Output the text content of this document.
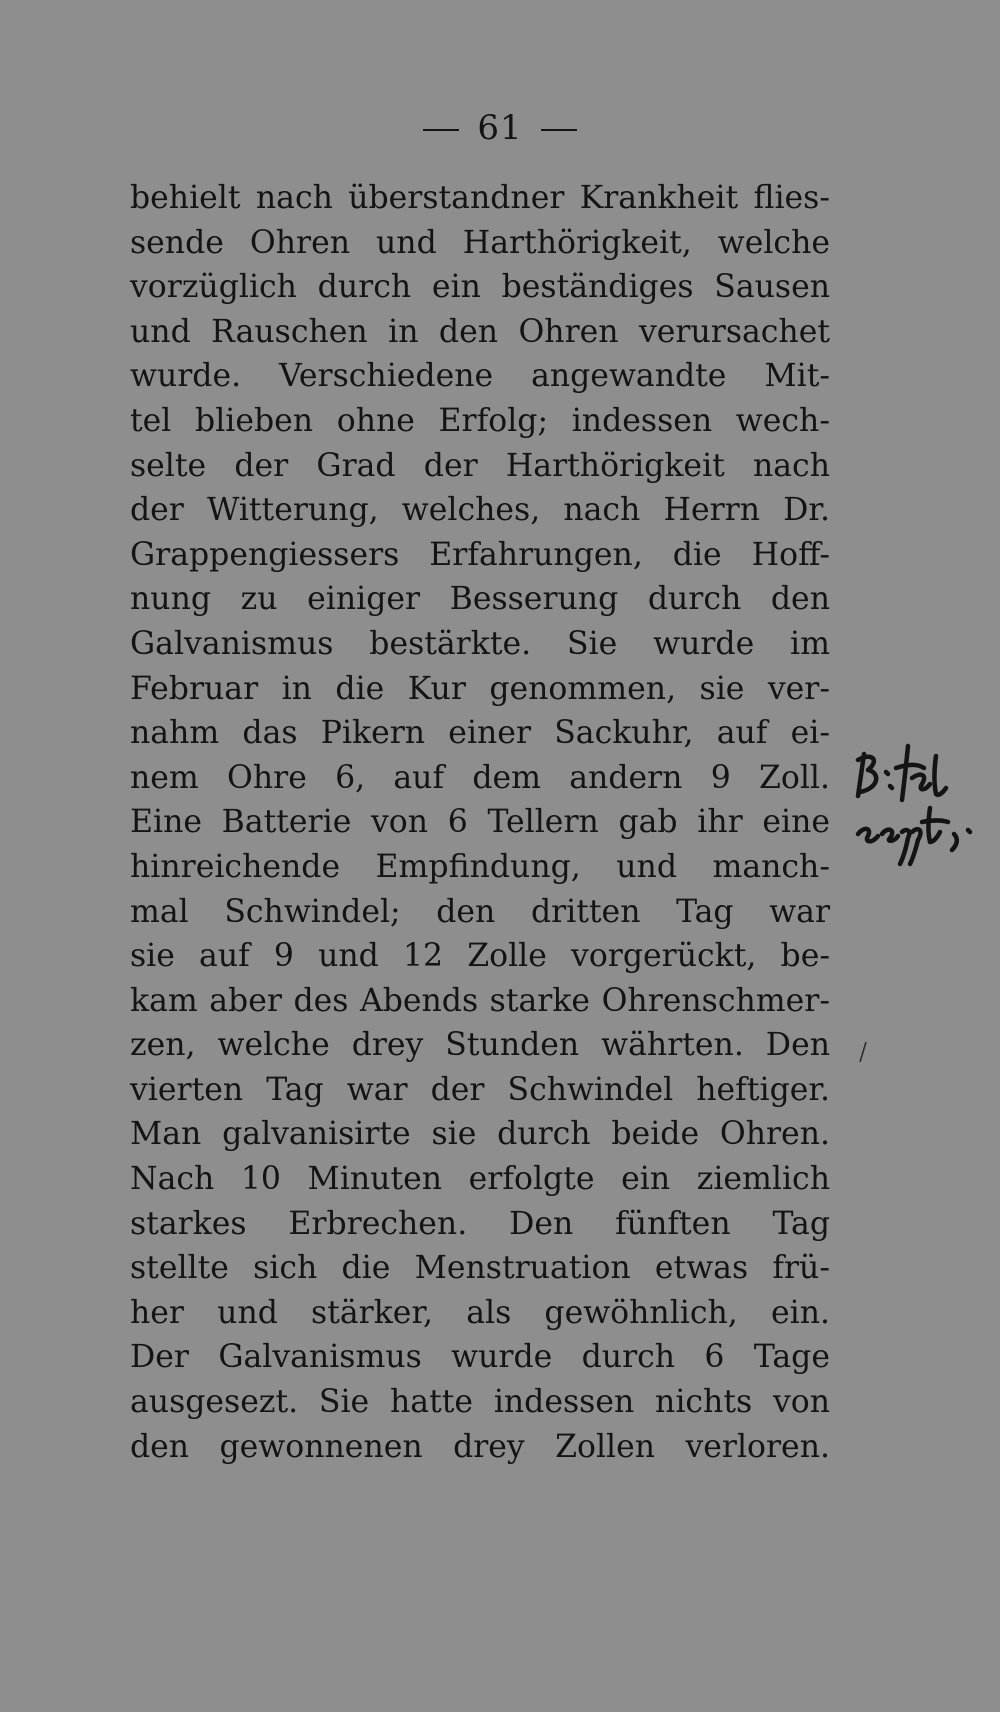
61
behielt nach überstandner Krankheit flies-
sende Ohren und Harthörigkeit, welche
vorzüglich durch ein beständiges Sausen
und Rauschen in den Ohren verursachet
wurde. Verschiedene angewandte Mit-
tel blieben ohne Erfolg; indessen wech-
selte der Grad der Harthörigkeit nach
der Witterung, welches, nach Herrn Dr.
Grappengiessers Erfahrungen, die Hoff-
nung zu einiger Besserung durch den
Galvanismus bestärkte. Sie wurde im
Februar in die Kur genommen, sie ver-
nahm das Pikern einer Sackuhr, auf ei-
nem Ohre 6, auf dem andern 9 Zoll.
Eine Batterie von 6 Tellern gab ihr eine
hinreichende Empfindung, und manch-
mal Schwindel; den dritten Tag war
sie auf 9 und 12 Zolle vorgerückt, be-
kam aber des Abends starke Ohrenschmer-
zen, welche drey Stunden währten. Den
vierten Tag war der Schwindel heftiger.
Man galvanisirte sie durch beide Ohren.
Nach 10 Minuten erfolgte ein ziemlich
starkes Erbrechen. Den fünften Tag
stellte sich die Menstruation etwas frü-
her und stärker, als gewöhnlich, ein.
Der Galvanismus wurde durch 6 Tage
ausgesezt. Sie hatte indessen nichts von
den gewonnenen drey Zollen verloren.
